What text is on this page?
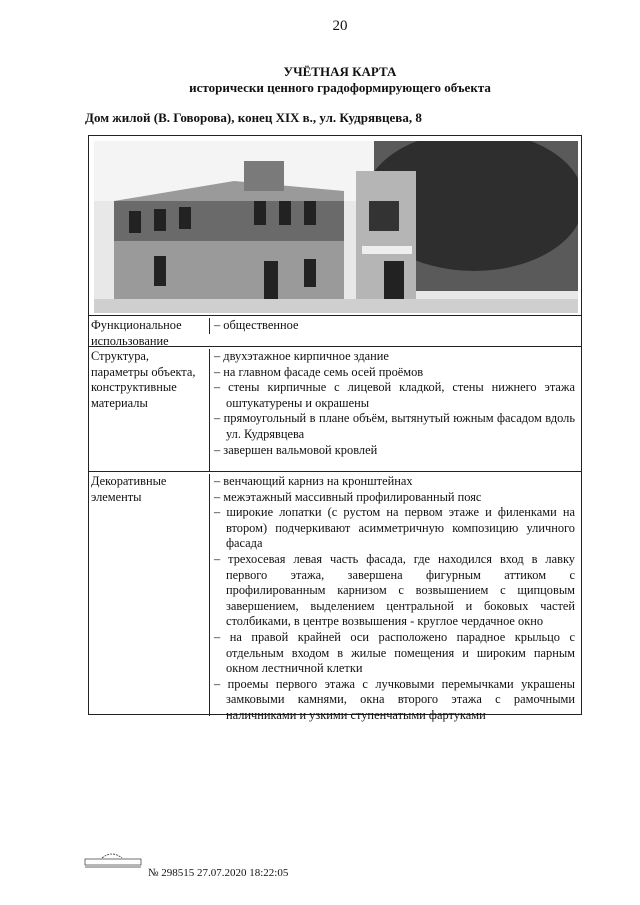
20
УЧЁТНАЯ КАРТА
исторически ценного градоформирующего объекта
Дом жилой (В. Говорова), конец XIX в., ул. Кудрявцева, 8
Функциональное использование
– общественное
Структура, параметры объекта, конструктивные материалы
– двухэтажное кирпичное здание
– на главном фасаде семь осей проёмов
– стены кирпичные с лицевой кладкой, стены нижнего этажа оштукатурены и окрашены
– прямоугольный в плане объём, вытянутый южным фасадом вдоль ул. Кудрявцева
– завершен вальмовой кровлей
Декоративные элементы
– венчающий карниз на кронштейнах
– межэтажный массивный профилированный пояс
– широкие лопатки (с рустом на первом этаже и филенками на втором) подчеркивают асимметричную композицию уличного фасада
– трехосевая левая часть фасада, где находился вход в лавку первого этажа, завершена фигурным аттиком с профилированным карнизом с возвышением с щипцовым завершением, выделением центральной и боковых частей столбиками, в центре возвышения - круглое чердачное окно
– на правой крайней оси расположено парадное крыльцо с отдельным входом в жилые помещения и широким парным окном лестничной клетки
– проемы первого этажа с лучковыми перемычками украшены замковыми камнями, окна второго этажа с рамочными наличниками и узкими ступенчатыми фартуками
№ 298515 27.07.2020 18:22:05
